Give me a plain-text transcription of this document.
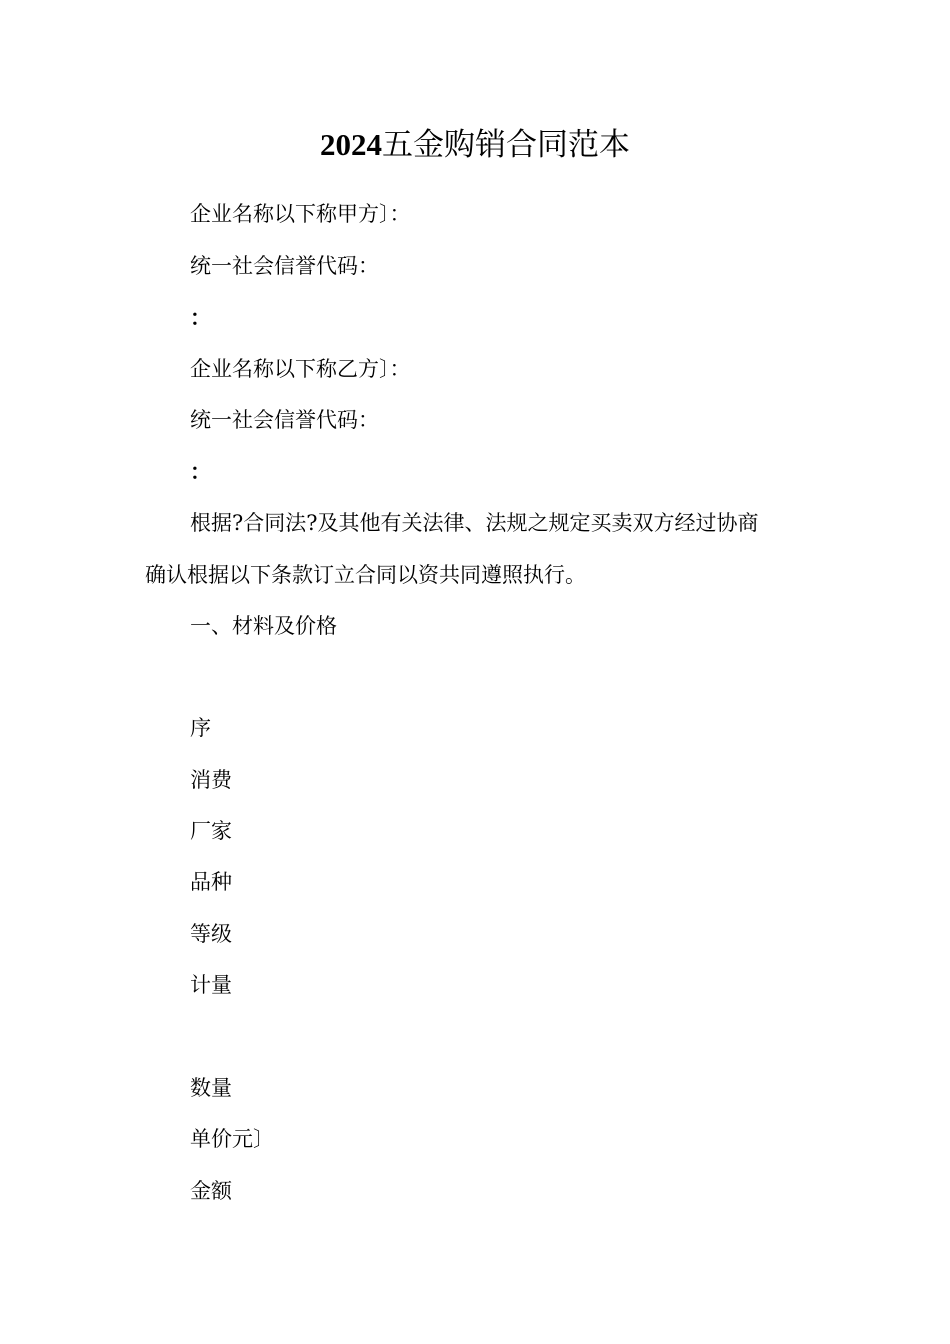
2024五金购销合同范本
企业名称以下称甲方〕：
统一社会信誉代码：
：
企业名称以下称乙方〕：
统一社会信誉代码：
：
根据?合同法?及其他有关法律、法规之规定买卖双方经过协商
确认根据以下条款订立合同以资共同遵照执行。
一、材料及价格
序
消费
厂家
品种
等级
计量
数量
单价元〕
金额
